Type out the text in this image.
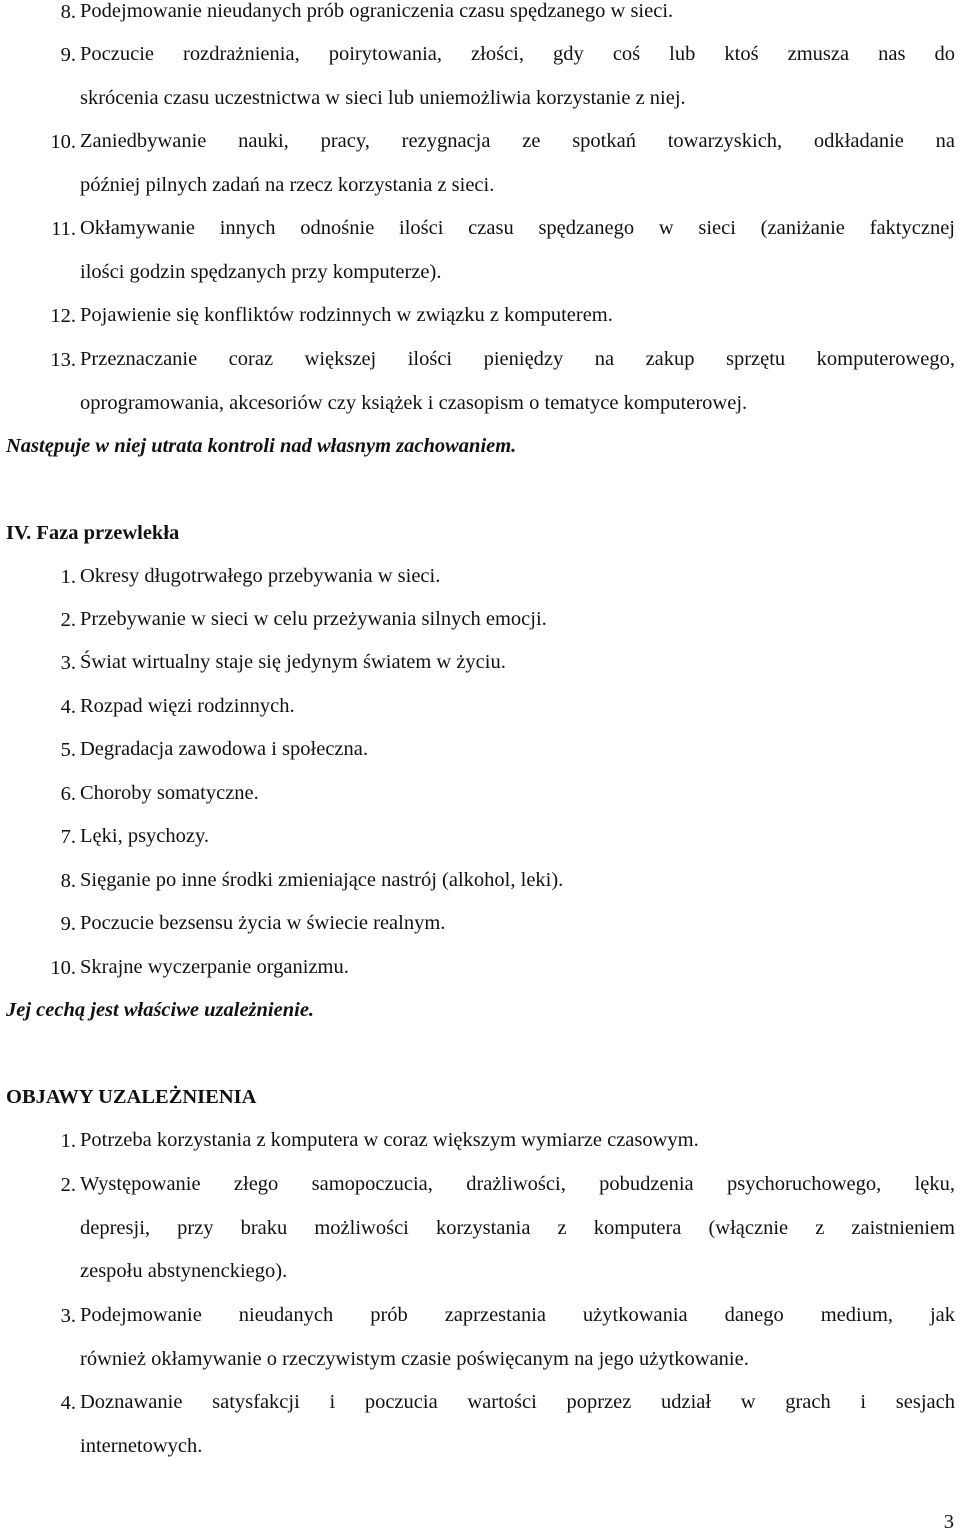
8. Podejmowanie nieudanych prób ograniczenia czasu spędzanego w sieci.
9. Poczucie rozdrażnienia, poirytowania, złości, gdy coś lub ktoś zmusza nas do
skrócenia czasu uczestnictwa w sieci lub uniemożliwia korzystanie z niej.
10. Zaniedbywanie nauki, pracy, rezygnacja ze spotkań towarzyskich, odkładanie na
później pilnych zadań na rzecz korzystania z sieci.
11. Okłamywanie innych odnośnie ilości czasu spędzanego w sieci (zaniżanie faktycznej
ilości godzin spędzanych przy komputerze).
12. Pojawienie się konfliktów rodzinnych w związku z komputerem.
13. Przeznaczanie coraz większej ilości pieniędzy na zakup sprzętu komputerowego,
oprogramowania, akcesoriów czy książek i czasopism o tematyce komputerowej.
Następuje w niej utrata kontroli nad własnym zachowaniem.
IV. Faza przewlekła
1. Okresy długotrwałego przebywania w sieci.
2. Przebywanie w sieci w celu przeżywania silnych emocji.
3. Świat wirtualny staje się jedynym światem w życiu.
4. Rozpad więzi rodzinnych.
5. Degradacja zawodowa i społeczna.
6. Choroby somatyczne.
7. Lęki, psychozy.
8. Sięganie po inne środki zmieniające nastrój (alkohol, leki).
9. Poczucie bezsensu życia w świecie realnym.
10. Skrajne wyczerpanie organizmu.
Jej cechą jest właściwe uzależnienie.
OBJAWY UZALEŻNIENIA
1. Potrzeba korzystania z komputera w coraz większym wymiarze czasowym.
2. Występowanie złego samopoczucia, drażliwości, pobudzenia psychoruchowego, lęku,
depresji, przy braku możliwości korzystania z komputera (włącznie z zaistnieniem
zespołu abstynenckiego).
3. Podejmowanie nieudanych prób zaprzestania użytkowania danego medium, jak
również okłamywanie o rzeczywistym czasie poświęcanym na jego użytkowanie.
4. Doznawanie satysfakcji i poczucia wartości poprzez udział w grach i sesjach
internetowych.
3
